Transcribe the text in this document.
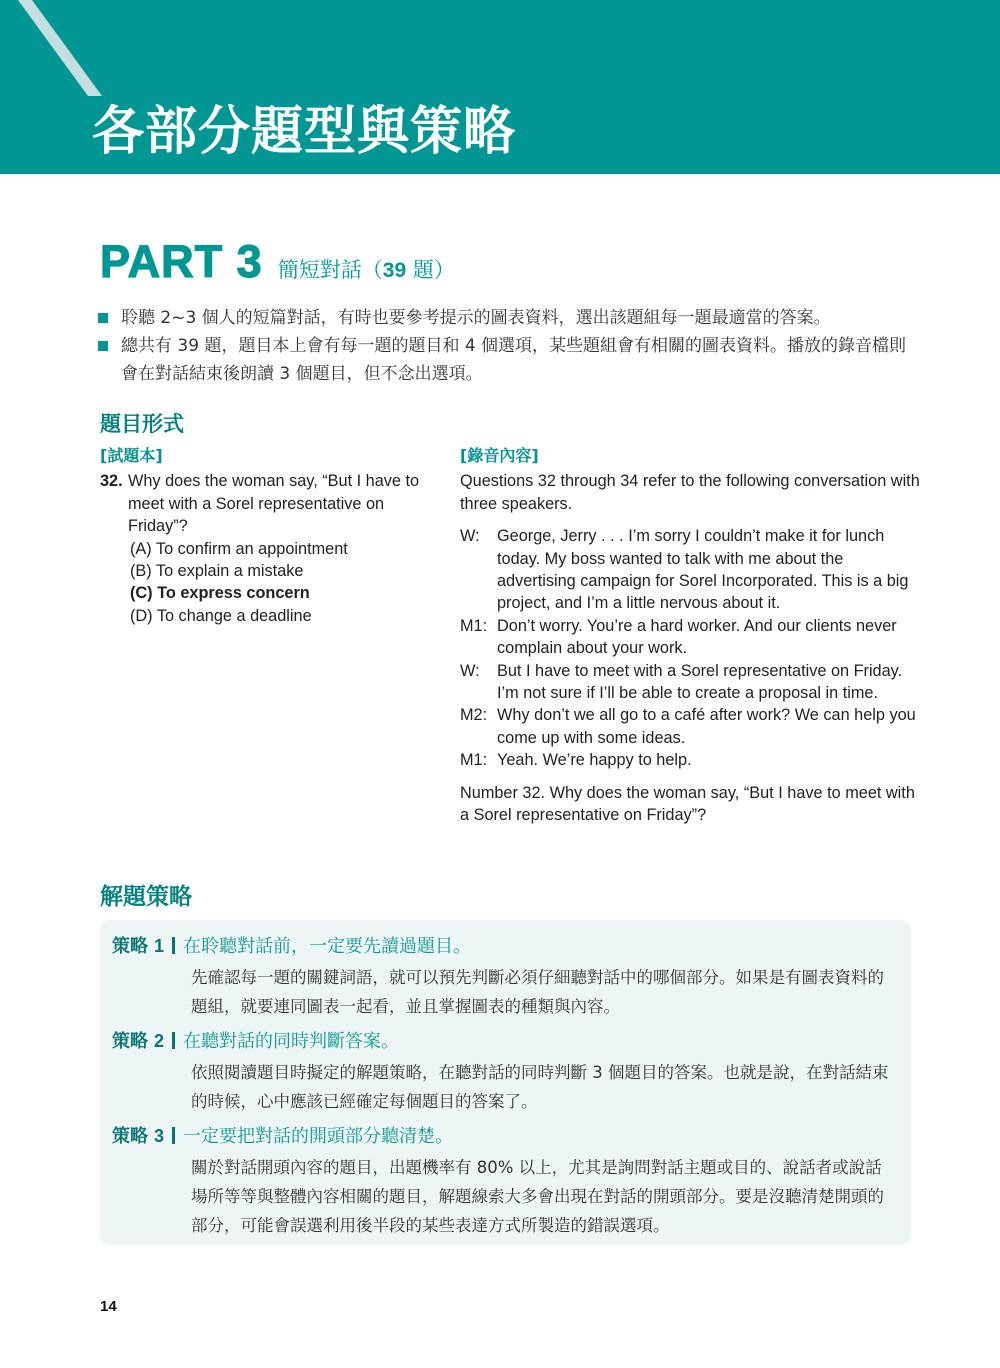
各部分題型與策略
PART 3 簡短對話（39 題）
聆聽 2~3 個人的短篇對話，有時也要參考提示的圖表資料，選出該題組每一題最適當的答案。
總共有 39 題，題目本上會有每一題的題目和 4 個選項，某些題組會有相關的圖表資料。播放的錄音檔則會在對話結束後朗讀 3 個題目，但不念出選項。
題目形式
[試題本]
32. Why does the woman say, “But I have to meet with a Sorel representative on Friday”?
(A) To confirm an appointment
(B) To explain a mistake
(C) To express concern
(D) To change a deadline
[錄音內容]
Questions 32 through 34 refer to the following conversation with three speakers.
W: George, Jerry . . . I’m sorry I couldn’t make it for lunch today. My boss wanted to talk with me about the advertising campaign for Sorel Incorporated. This is a big project, and I’m a little nervous about it.
M1: Don’t worry. You’re a hard worker. And our clients never complain about your work.
W: But I have to meet with a Sorel representative on Friday. I’m not sure if I’ll be able to create a proposal in time.
M2: Why don’t we all go to a café after work? We can help you come up with some ideas.
M1: Yeah. We’re happy to help.
Number 32. Why does the woman say, “But I have to meet with a Sorel representative on Friday”?
解題策略
策略 1 在聆聽對話前，一定要先讀過題目。
先確認每一題的關鍵詞語，就可以預先判斷必須仔細聽對話中的哪個部分。如果是有圖表資料的題組，就要連同圖表一起看，並且掌握圖表的種類與內容。
策略 2 在聽對話的同時判斷答案。
依照閱讀題目時擬定的解題策略，在聽對話的同時判斷 3 個題目的答案。也就是說，在對話結束的時候，心中應該已經確定每個題目的答案了。
策略 3 一定要把對話的開頭部分聽清楚。
關於對話開頭內容的題目，出題機率有 80% 以上，尤其是詢問對話主題或目的、說話者或說話場所等等與整體內容相關的題目，解題線索大多會出現在對話的開頭部分。要是沒聽清楚開頭的部分，可能會誤選利用後半段的某些表達方式所製造的錯誤選項。
14
